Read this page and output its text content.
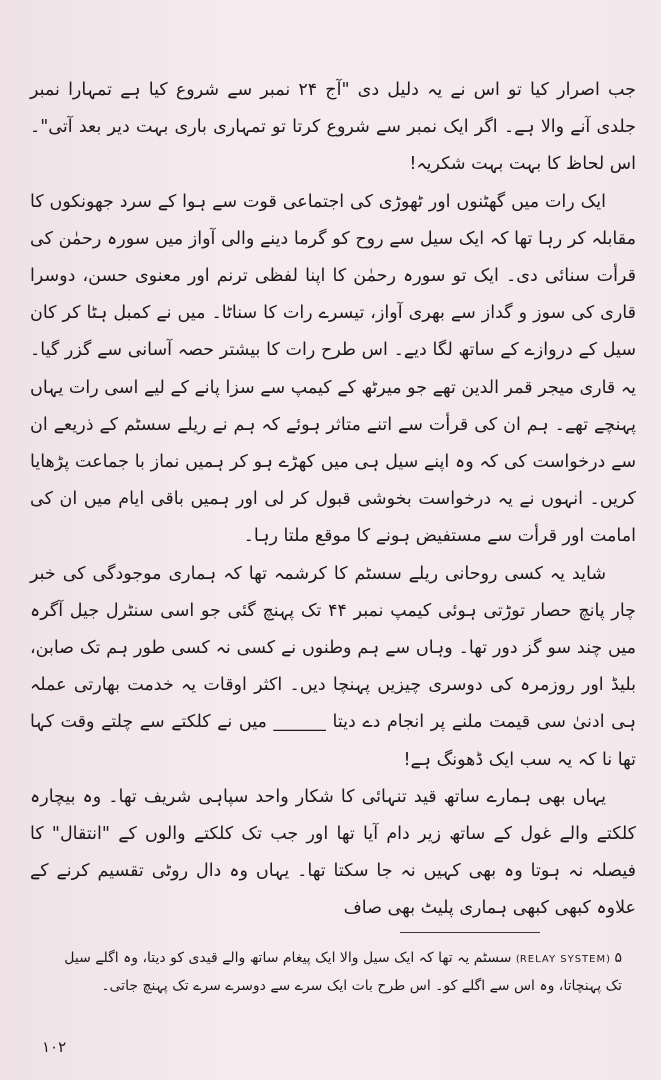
جب اصرار کیا تو اس نے یہ دلیل دی "آج ۲۴ نمبر سے شروع کیا ہے تمہارا نمبر جلدی آنے والا ہے۔ اگر ایک نمبر سے شروع کرتا تو تمہاری باری بہت دیر بعد آتی"۔ اس لحاظ کا بہت بہت شکریہ!

ایک رات میں گھٹنوں اور ٹھوڑی کی اجتماعی قوت سے ہوا کے سرد جھونکوں کا مقابلہ کر رہا تھا کہ ایک سیل سے روح کو گرما دینے والی آواز میں سورہ رحمٰن کی قرأت سنائی دی۔ ایک تو سورہ رحمٰن کا اپنا لفظی ترنم اور معنوی حسن، دوسرا قاری کی سوز و گداز سے بھری آواز، تیسرے رات کا سناٹا۔ میں نے کمبل ہٹا کر کان سیل کے دروازے کے ساتھ لگا دیے۔ اس طرح رات کا بیشتر حصہ آسانی سے گزر گیا۔ یہ قاری میجر قمر الدین تھے جو میرٹھ کے کیمپ سے سزا پانے کے لیے اسی رات یہاں پہنچے تھے۔ ہم ان کی قرأت سے اتنے متاثر ہوئے کہ ہم نے ریلے سسٹم کے ذریعے ان سے درخواست کی کہ وہ اپنے سیل ہی میں کھڑے ہو کر ہمیں نماز با جماعت پڑھایا کریں۔ انہوں نے یہ درخواست بخوشی قبول کر لی اور ہمیں باقی ایام میں ان کی امامت اور قرأت سے مستفیض ہونے کا موقع ملتا رہا۔

شاید یہ کسی روحانی ریلے سسٹم کا کرشمہ تھا کہ ہماری موجودگی کی خبر چار پانچ حصار توڑتی ہوئی کیمپ نمبر ۴۴ تک پہنچ گئی جو اسی سنٹرل جیل آگرہ میں چند سو گز دور تھا۔ وہاں سے ہم وطنوں نے کسی نہ کسی طور ہم تک صابن، بلیڈ اور روزمرہ کی دوسری چیزیں پہنچا دیں۔ اکثر اوقات یہ خدمت بھارتی عملہ ہی ادنیٰ سی قیمت ملنے پر انجام دے دیتا ______ میں نے کلکتے سے چلتے وقت کہا تھا نا کہ یہ سب ایک ڈھونگ ہے!

یہاں بھی ہمارے ساتھ قید تنہائی کا شکار واحد سپاہی شریف تھا۔ وہ بیچارہ کلکتے والے غول کے ساتھ زیر دام آیا تھا اور جب تک کلکتے والوں کے "انتقال" کا فیصلہ نہ ہوتا وہ بھی کہیں نہ جا سکتا تھا۔ یہاں وہ دال روٹی تقسیم کرنے کے علاوہ کبھی کبھی ہماری پلیٹ بھی صاف

۵ (RELAY SYSTEM) سسٹم یہ تھا کہ ایک سیل والا ایک پیغام ساتھ والے قیدی کو دیتا، وہ اگلے سیل تک پہنچاتا، وہ اس سے اگلے کو۔ اس طرح بات ایک سرے سے دوسرے سرے تک پہنچ جاتی۔
۱۰۲
